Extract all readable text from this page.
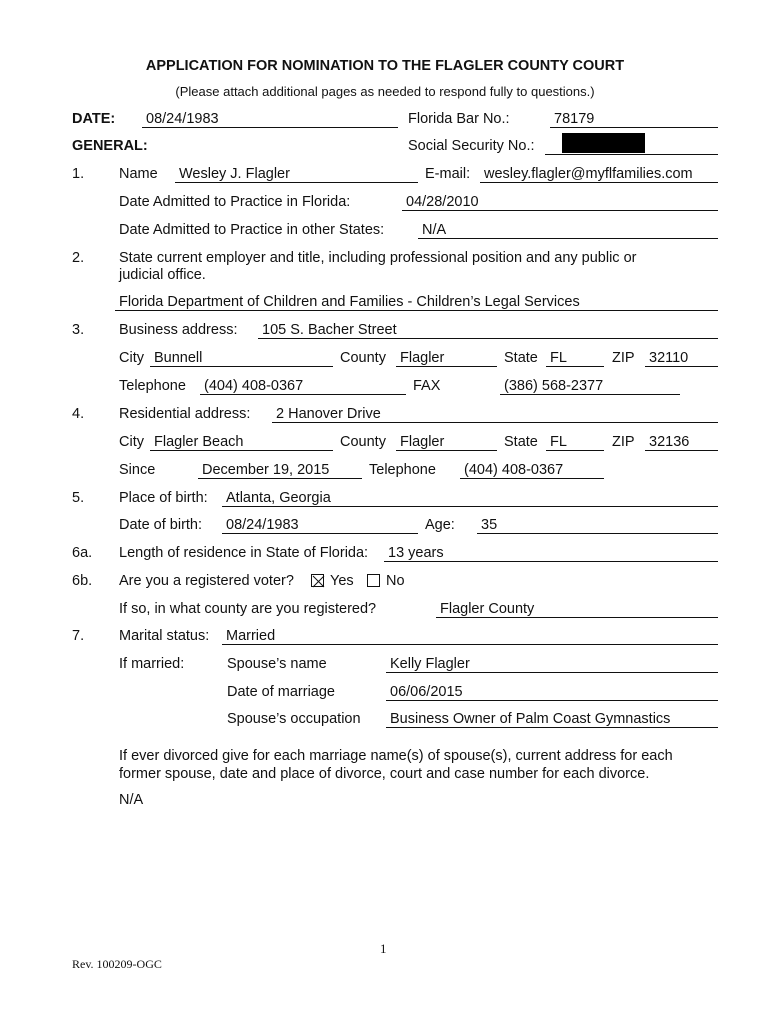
APPLICATION FOR NOMINATION TO THE FLAGLER COUNTY COURT
(Please attach additional pages as needed to respond fully to questions.)
DATE: 08/24/1983	Florida Bar No.:	78179
GENERAL:	Social Security No.:
1. Name Wesley J. Flagler	E-mail: wesley.flagler@myflfamilies.com
Date Admitted to Practice in Florida:	04/28/2010
Date Admitted to Practice in other States:	N/A
2. State current employer and title, including professional position and any public or
judicial office.
Florida Department of Children and Families - Children’s Legal Services
3. Business address: 105 S. Bacher Street
City Bunnell	County Flagler	State FL	ZIP 32110
Telephone (404) 408-0367	FAX	(386) 568-2377
4. Residential address: 2 Hanover Drive
City Flagler Beach	County Flagler	State FL	ZIP 32136
Since	December 19, 2015	Telephone (404) 408-0367
5. Place of birth: Atlanta, Georgia
Date of birth: 08/24/1983	Age: 35
6a. Length of residence in State of Florida: 13 years
6b. Are you a registered voter? Yes No
If so, in what county are you registered?	Flagler County
7. Marital status: Married
If married:	Spouse’s name	Kelly Flagler
Date of marriage	06/06/2015
Spouse’s occupation Business Owner of Palm Coast Gymnastics
If ever divorced give for each marriage name(s) of spouse(s), current address for each
former spouse, date and place of divorce, court and case number for each divorce.
N/A
1
Rev. 100209-OGC
